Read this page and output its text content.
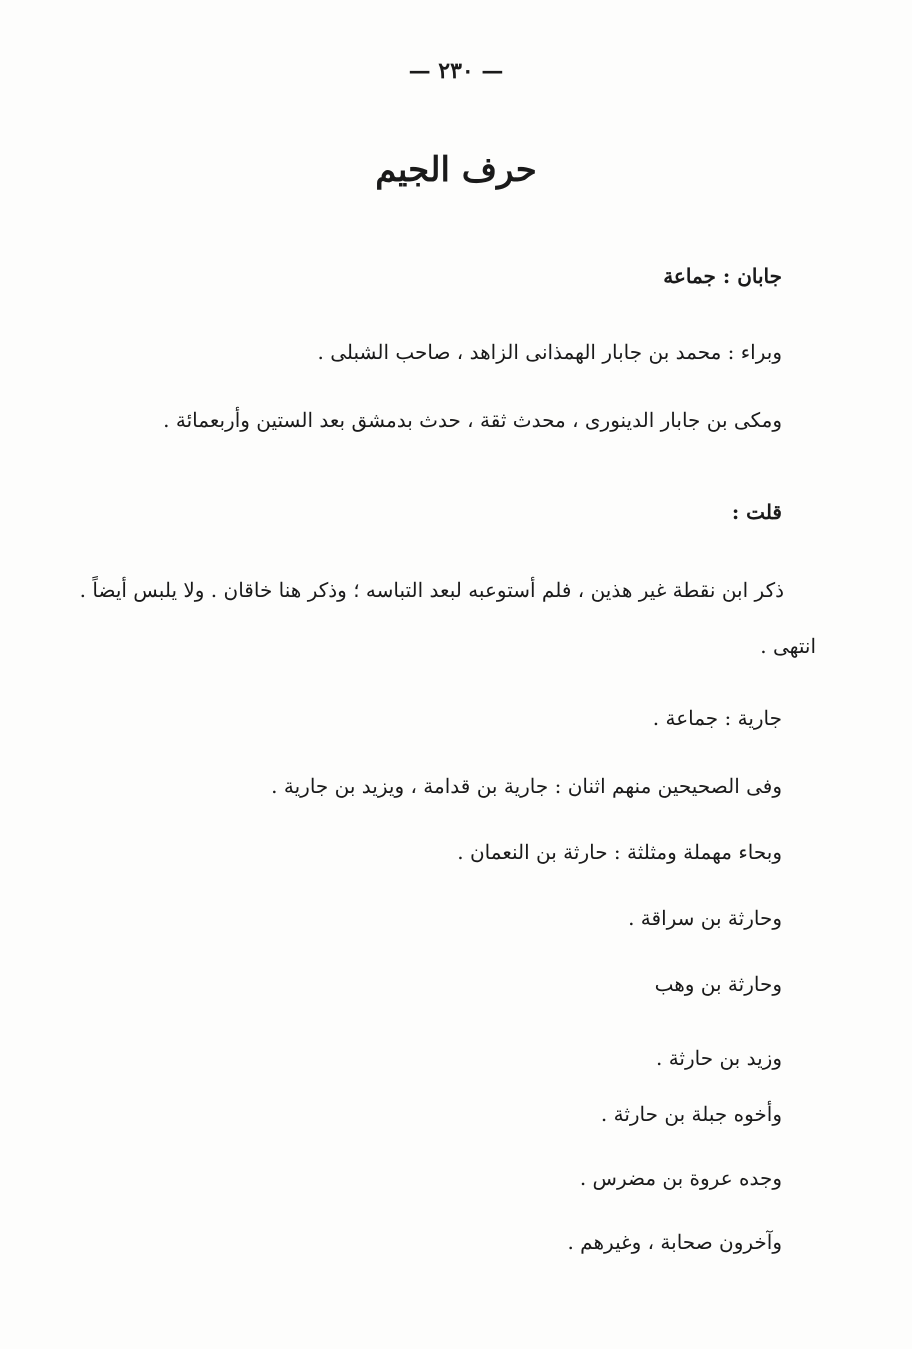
— ٢٣٠ —
حرف الجيم
جابان : جماعة
وبراء : محمد بن جابار الهمذانى الزاهد ، صاحب الشبلى .
ومكى بن جابار الدينورى ، محدث ثقة ، حدث بدمشق بعد الستين وأربعمائة .
قلت :
ذكر ابن نقطة غير هذين ، فلم أستوعبه لبعد التباسه ؛ وذكر هنا خاقان . ولا يلبس أيضاً .
انتهى .
جارية : جماعة .
وفى الصحيحين منهم اثنان : جارية بن قدامة ، ويزيد بن جارية .
وبحاء مهملة ومثلثة : حارثة بن النعمان .
وحارثة بن سراقة .
وحارثة بن وهب
وزيد بن حارثة .
وأخوه جبلة بن حارثة .
وجده عروة بن مضرس .
وآخرون صحابة ، وغيرهم .
